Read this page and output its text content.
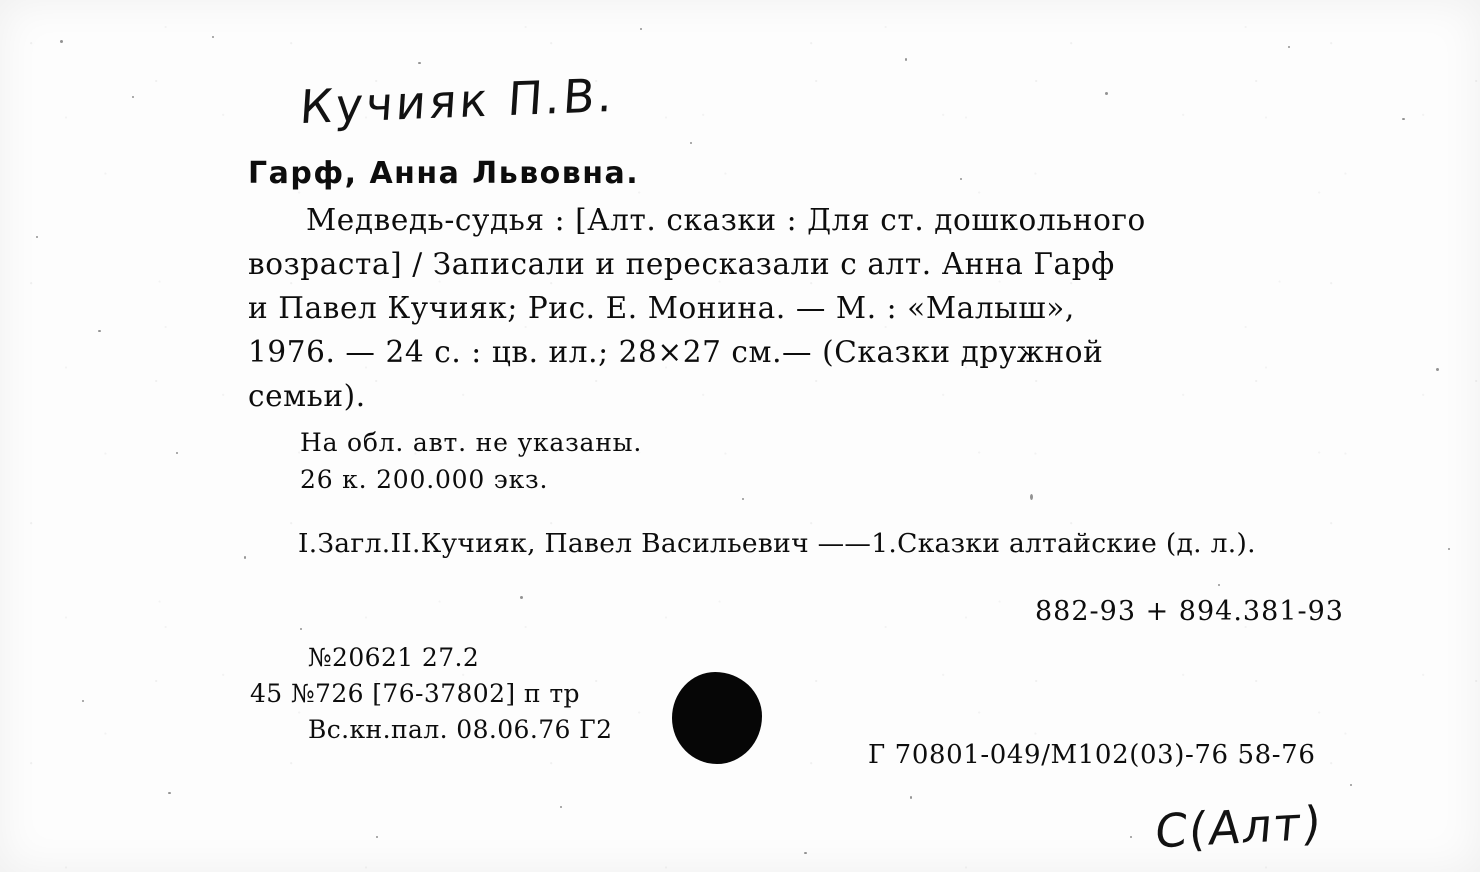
Кучияк П.В.
Гарф, Анна Львовна.
Медведь-судья : [Алт. сказки : Для ст. дошкольного
возраста] / Записали и пересказали с алт. Анна Гарф
и Павел Кучияк; Рис. Е. Монина. — М. : «Малыш»,
1976. — 24 с. : цв. ил.; 28×27 см.— (Сказки дружной
семьи).
На обл. авт. не указаны.
26 к. 200.000 экз.
I.Загл.II.Кучияк, Павел Васильевич ——1.Сказки алтайские (д. л.).
882-93 + 894.381-93
№20621 27.2
45 №726 [76-37802] п тр
Вс.кн.пал. 08.06.76 Г2
Г 70801-049/М102(03)-76 58-76
С(Алт)
